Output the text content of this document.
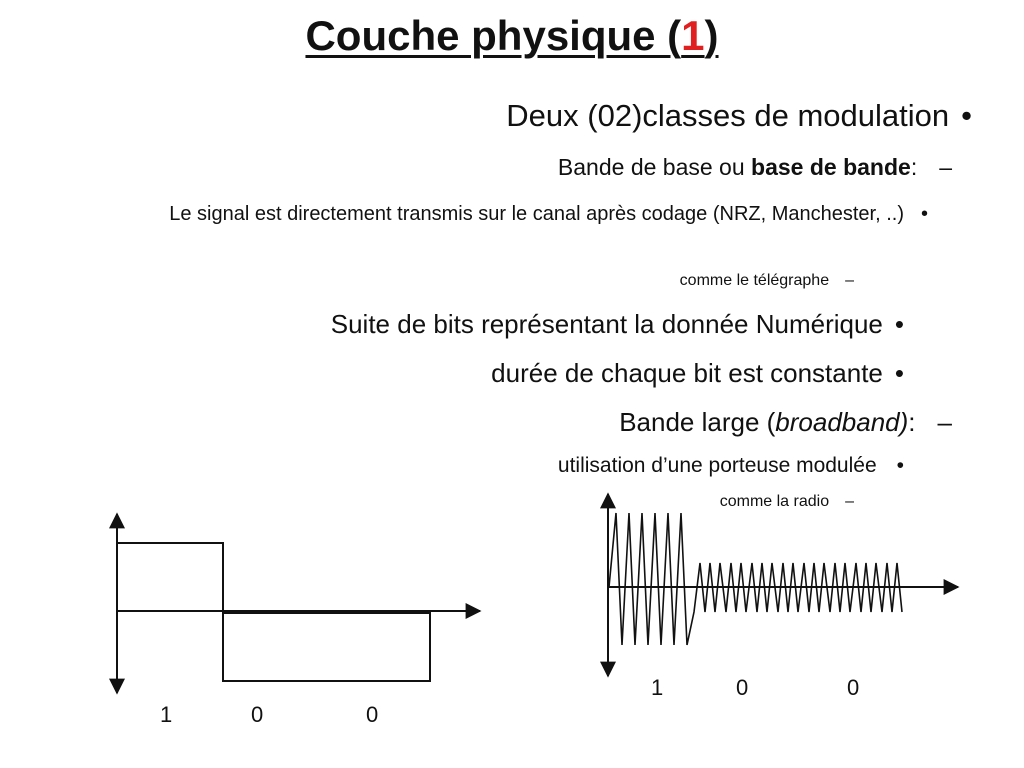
Couche physique (1)
Deux (02)classes de modulation •
Bande de base ou base de bande: –
Le signal est directement transmis sur le canal après codage (NRZ, Manchester, ..) •
comme le télégraphe –
Suite de bits représentant la donnée Numérique •
durée de chaque bit est constante •
Bande large (broadband): –
utilisation d’une porteuse modulée •
comme la radio –
1	0	0
1	0	0
